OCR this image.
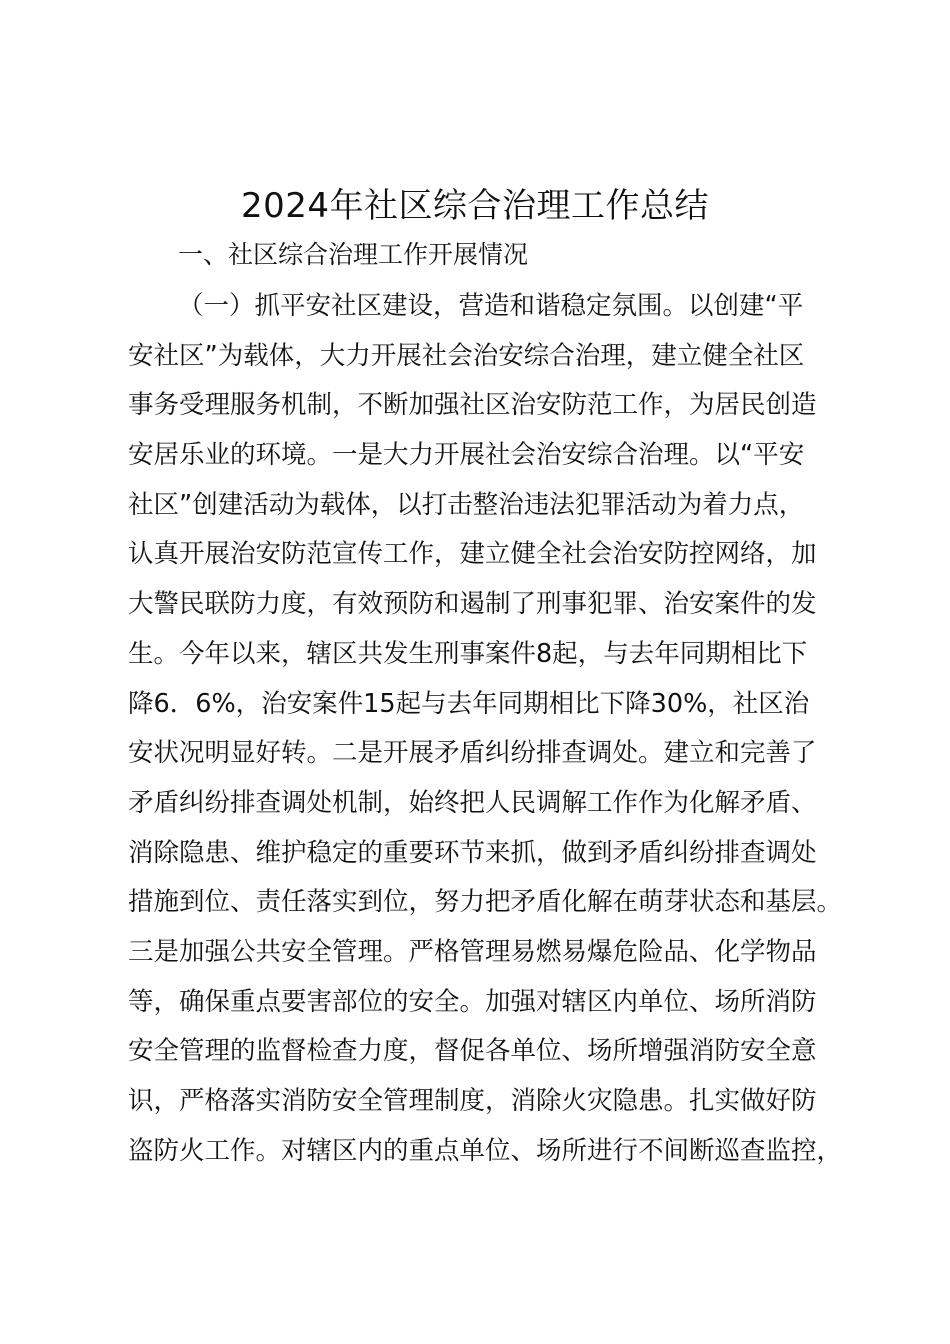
2024年社区综合治理工作总结
一、社区综合治理工作开展情况
（一）抓平安社区建设，营造和谐稳定氛围。以创建“平
安社区”为载体，大力开展社会治安综合治理，建立健全社区
事务受理服务机制，不断加强社区治安防范工作，为居民创造
安居乐业的环境。一是大力开展社会治安综合治理。以“平安
社区”创建活动为载体，以打击整治违法犯罪活动为着力点，
认真开展治安防范宣传工作，建立健全社会治安防控网络，加
大警民联防力度，有效预防和遏制了刑事犯罪、治安案件的发
生。今年以来，辖区共发生刑事案件8起，与去年同期相比下
降6．6%，治安案件15起与去年同期相比下降30%，社区治
安状况明显好转。二是开展矛盾纠纷排查调处。建立和完善了
矛盾纠纷排查调处机制，始终把人民调解工作作为化解矛盾、
消除隐患、维护稳定的重要环节来抓，做到矛盾纠纷排查调处
措施到位、责任落实到位，努力把矛盾化解在萌芽状态和基层。
三是加强公共安全管理。严格管理易燃易爆危险品、化学物品
等，确保重点要害部位的安全。加强对辖区内单位、场所消防
安全管理的监督检查力度，督促各单位、场所增强消防安全意
识，严格落实消防安全管理制度，消除火灾隐患。扎实做好防
盗防火工作。对辖区内的重点单位、场所进行不间断巡查监控，
